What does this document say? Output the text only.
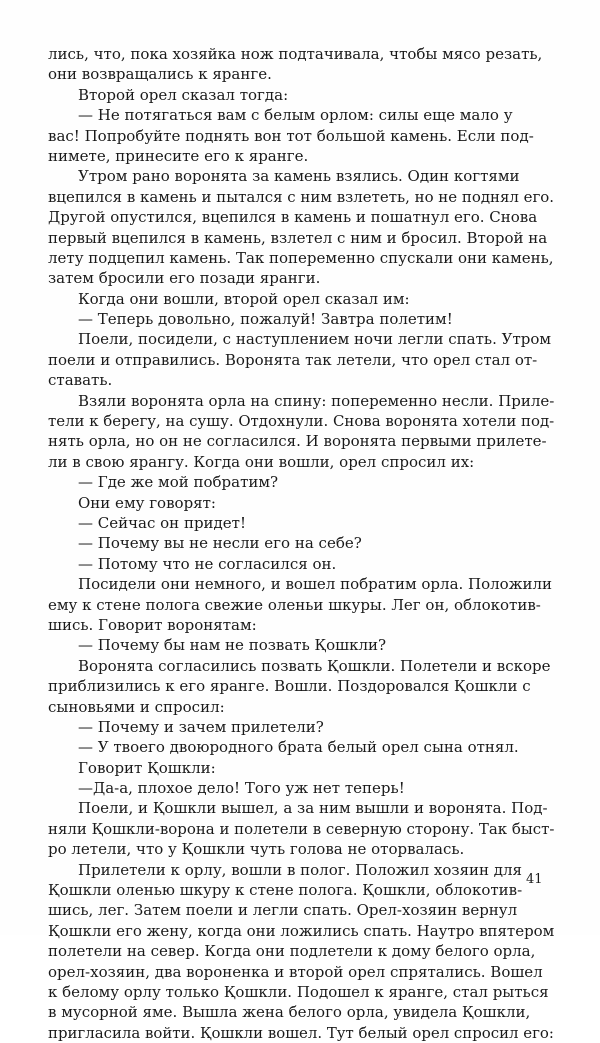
лись, что, пока хозяйка нож подтачивала, чтобы мясо резать,
они возвращались к яранге.
Второй орел сказал тогда:
— Не потягаться вам с белым орлом: силы еще мало у
вас! Попробуйте поднять вон тот большой камень. Если под-
нимете, принесите его к яранге.
Утром рано воронята за камень взялись. Один когтями
вцепился в камень и пытался с ним взлететь, но не поднял его.
Другой опустился, вцепился в камень и пошатнул его. Снова
первый вцепился в камень, взлетел с ним и бросил. Второй на
лету подцепил камень. Так попеременно спускали они камень,
затем бросили его позади яранги.
Когда они вошли, второй орел сказал им:
— Теперь довольно, пожалуй! Завтра полетим!
Поели, посидели, с наступлением ночи легли спать. Утром
поели и отправились. Воронята так летели, что орел стал от-
ставать.
Взяли воронята орла на спину: попеременно несли. Приле-
тели к берегу, на сушу. Отдохнули. Снова воронята хотели под-
нять орла, но он не согласился. И воронята первыми прилете-
ли в свою ярангу. Когда они вошли, орел спросил их:
— Где же мой побратим?
Они ему говорят:
— Сейчас он придет!
— Почему вы не несли его на себе?
— Потому что не согласился он.
Посидели они немного, и вошел побратим орла. Положили
ему к стене полога свежие оленьи шкуры. Лег он, облокотив-
шись. Говорит воронятам:
— Почему бы нам не позвать Қошкли?
Воронята согласились позвать Қошкли. Полетели и вскоре
приблизились к его яранге. Вошли. Поздоровался Қошкли с
сыновьями и спросил:
— Почему и зачем прилетели?
— У твоего двоюродного брата белый орел сына отнял.
Говорит Қошкли:
—Да-а, плохое дело! Того уж нет теперь!
Поели, и Қошкли вышел, а за ним вышли и воронята. Под-
няли Қошкли-ворона и полетели в северную сторону. Так быст-
ро летели, что у Қошкли чуть голова не оторвалась.
Прилетели к орлу, вошли в полог. Положил хозяин для
Қошкли оленью шкуру к стене полога. Қошкли, облокотив-
шись, лег. Затем поели и легли спать. Орел-хозяин вернул
Қошкли его жену, когда они ложились спать. Наутро впятером
полетели на север. Когда они подлетели к дому белого орла,
орел-хозяин, два вороненка и второй орел спрятались. Вошел
к белому орлу только Қошкли. Подошел к яранге, стал рыться
в мусорной яме. Вышла жена белого орла, увидела Қошкли,
пригласила войти. Қошкли вошел. Тут белый орел спросил его:
41
